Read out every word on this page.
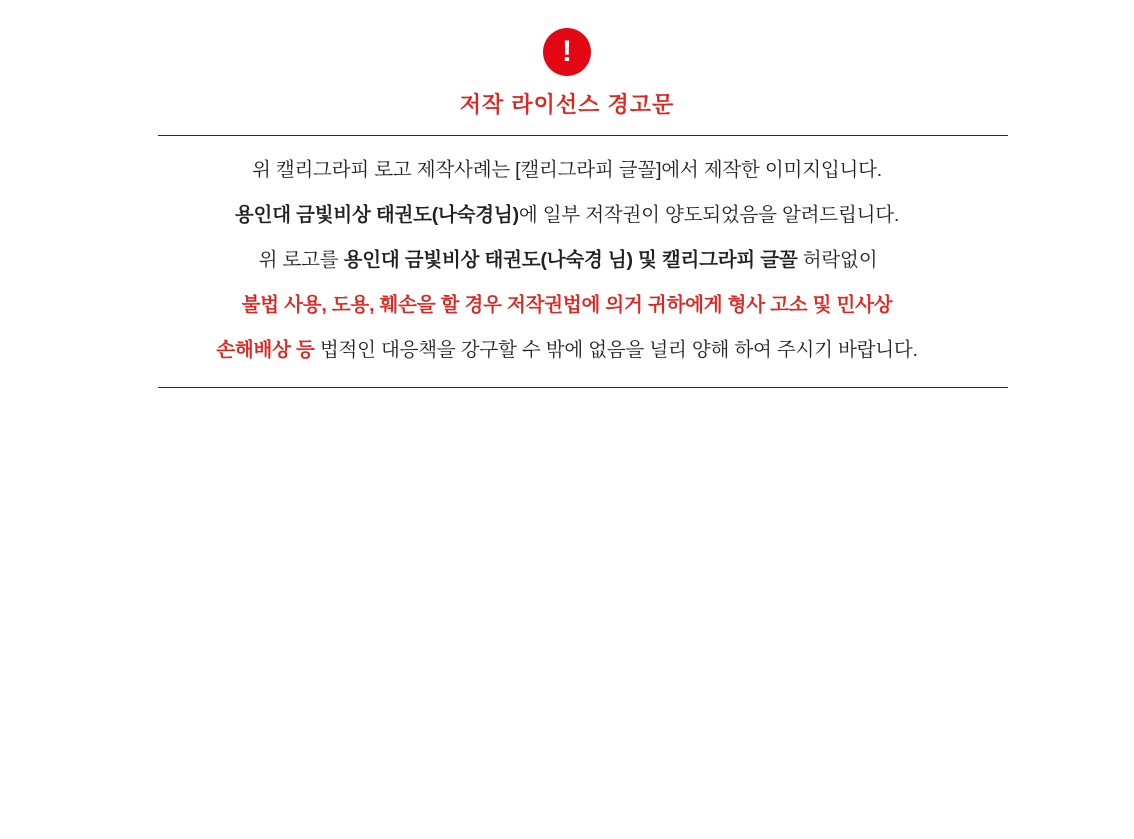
!
저작 라이선스 경고문
위 캘리그라피 로고 제작사례는 [캘리그라피 글꼴]에서 제작한 이미지입니다.
용인대 금빛비상 태권도(나숙경님)에 일부 저작권이 양도되었음을 알려드립니다.
위 로고를 용인대 금빛비상 태권도(나숙경 님) 및 캘리그라피 글꼴 허락없이
불법 사용, 도용, 훼손을 할 경우 저작권법에 의거 귀하에게 형사 고소 및 민사상
손해배상 등 법적인 대응책을 강구할 수 밖에 없음을 널리 양해 하여 주시기 바랍니다.
